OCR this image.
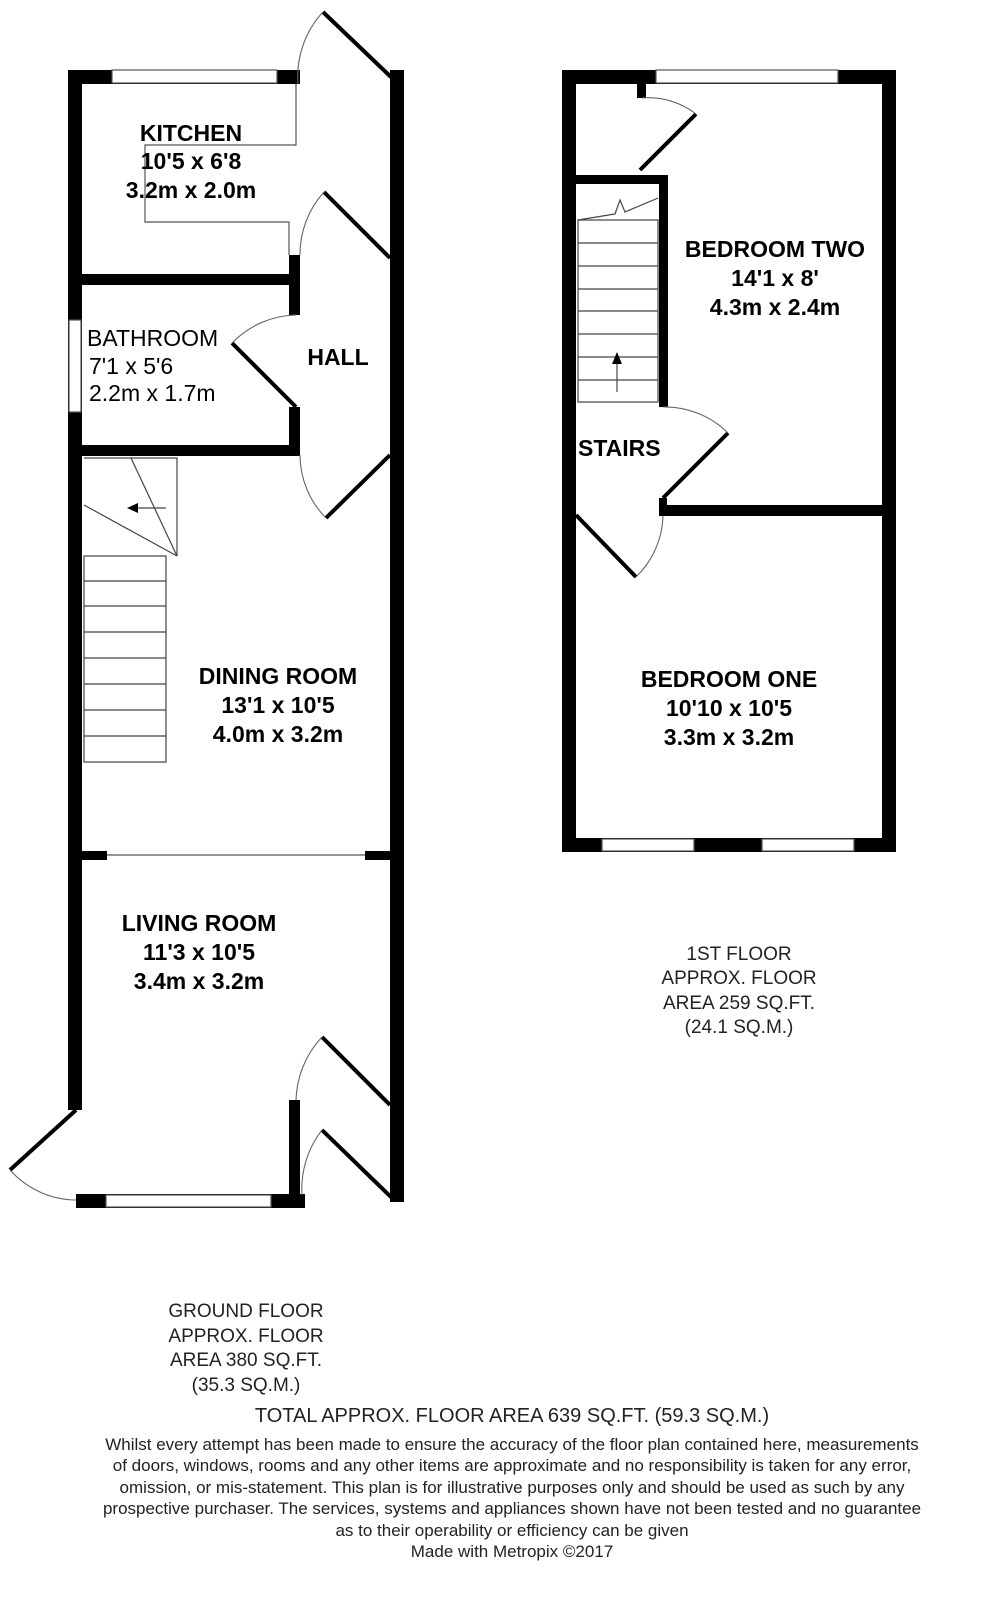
KITCHEN
10'5 x 6'8
3.2m x 2.0m
BATHROOM
7'1 x 5'6
2.2m x 1.7m
HALL
DINING ROOM
13'1 x 10'5
4.0m x 3.2m
LIVING ROOM
11'3 x 10'5
3.4m x 3.2m
BEDROOM TWO
14'1 x 8'
4.3m x 2.4m
STAIRS
BEDROOM ONE
10'10 x 10'5
3.3m x 3.2m
1ST FLOOR
APPROX. FLOOR
AREA 259 SQ.FT.
(24.1 SQ.M.)
GROUND FLOOR
APPROX. FLOOR
AREA 380 SQ.FT.
(35.3 SQ.M.)
TOTAL APPROX. FLOOR AREA 639 SQ.FT. (59.3 SQ.M.)
Whilst every attempt has been made to ensure the accuracy of the floor plan contained here, measurements
of doors, windows, rooms and any other items are approximate and no responsibility is taken for any error,
omission, or mis-statement. This plan is for illustrative purposes only and should be used as such by any
prospective purchaser. The services, systems and appliances shown have not been tested and no guarantee
as to their operability or efficiency can be given
Made with Metropix ©2017
